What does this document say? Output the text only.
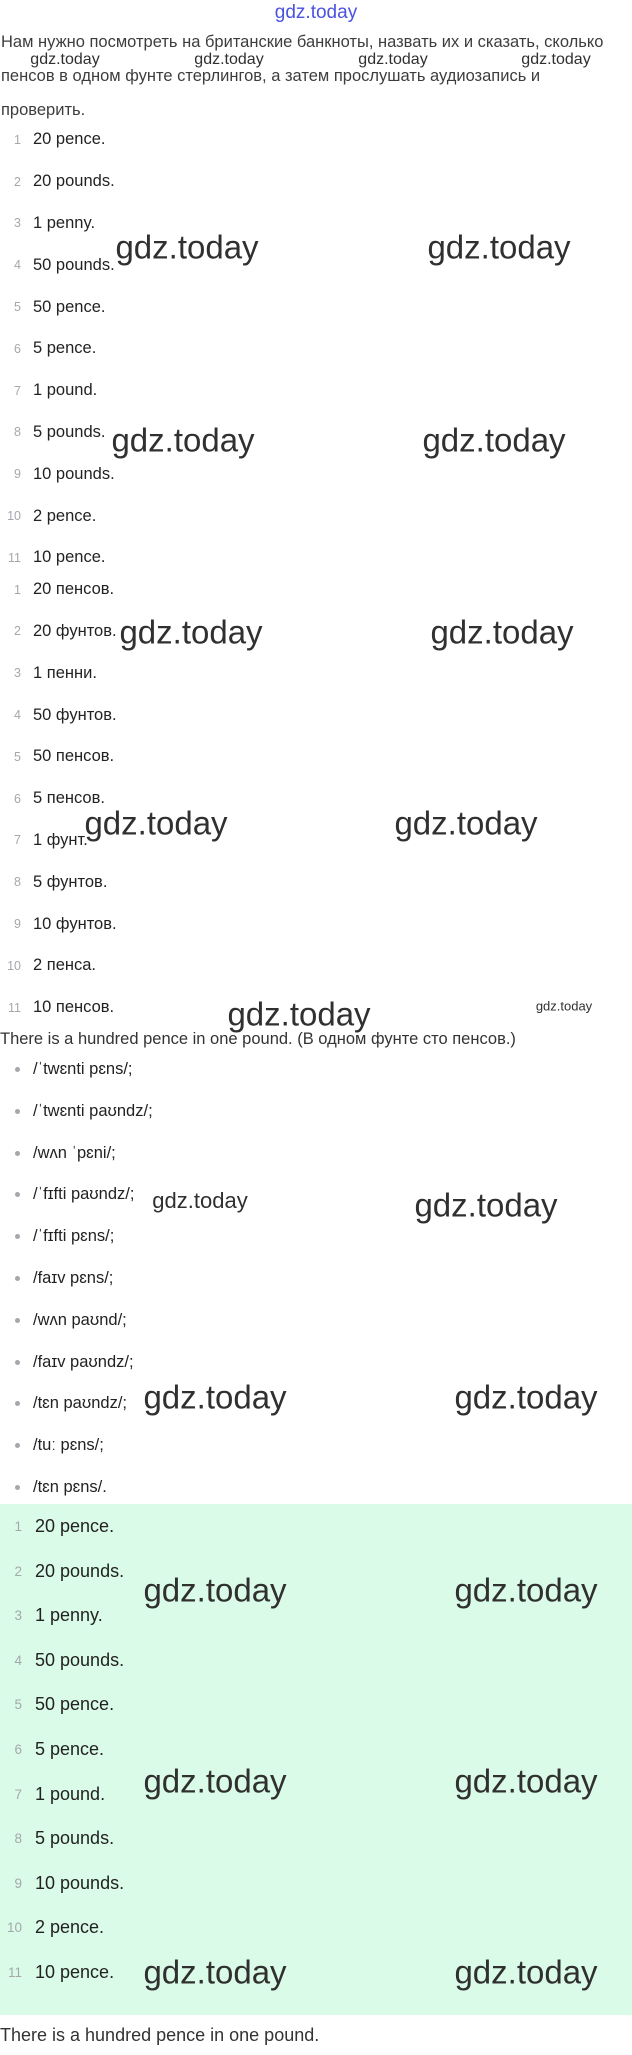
gdz.today

Нам нужно посмотреть на британские банкноты, назвать их и сказать, сколько пенсов в одном фунте стерлингов, а затем прослушать аудиозапись и проверить.

1 20 pence.
2 20 pounds.
3 1 penny.
4 50 pounds.
5 50 pence.
6 5 pence.
7 1 pound.
8 5 pounds.
9 10 pounds.
10 2 pence.
11 10 pence.
1 20 пенсов.
2 20 фунтов.
3 1 пенни.
4 50 фунтов.
5 50 пенсов.
6 5 пенсов.
7 1 фунт.
8 5 фунтов.
9 10 фунтов.
10 2 пенса.
11 10 пенсов.

There is a hundred pence in one pound. (В одном фунте сто пенсов.)

/ˈtwɛnti pɛns/;
/ˈtwɛnti paʊndz/;
/wʌn ˈpɛni/;
/ˈfɪfti paʊndz/;
/ˈfɪfti pɛns/;
/faɪv pɛns/;
/wʌn paʊnd/;
/faɪv paʊndz/;
/tɛn paʊndz/;
/tuː pɛns/;
/tɛn pɛns/.
1 20 pence.
2 20 pounds.
3 1 penny.
4 50 pounds.
5 50 pence.
6 5 pence.
7 1 pound.
8 5 pounds.
9 10 pounds.
10 2 pence.
11 10 pence.

There is a hundred pence in one pound.

gdz.today	gdz.today	gdz.today	gdz.today
gdz.today	gdz.today
gdz.today	gdz.today
gdz.today	gdz.today
gdz.today	gdz.today
gdz.today	gdz.today
gdz.today	gdz.today
gdz.today	gdz.today
gdz.today	gdz.today
gdz.today	gdz.today
gdz.today	gdz.today
